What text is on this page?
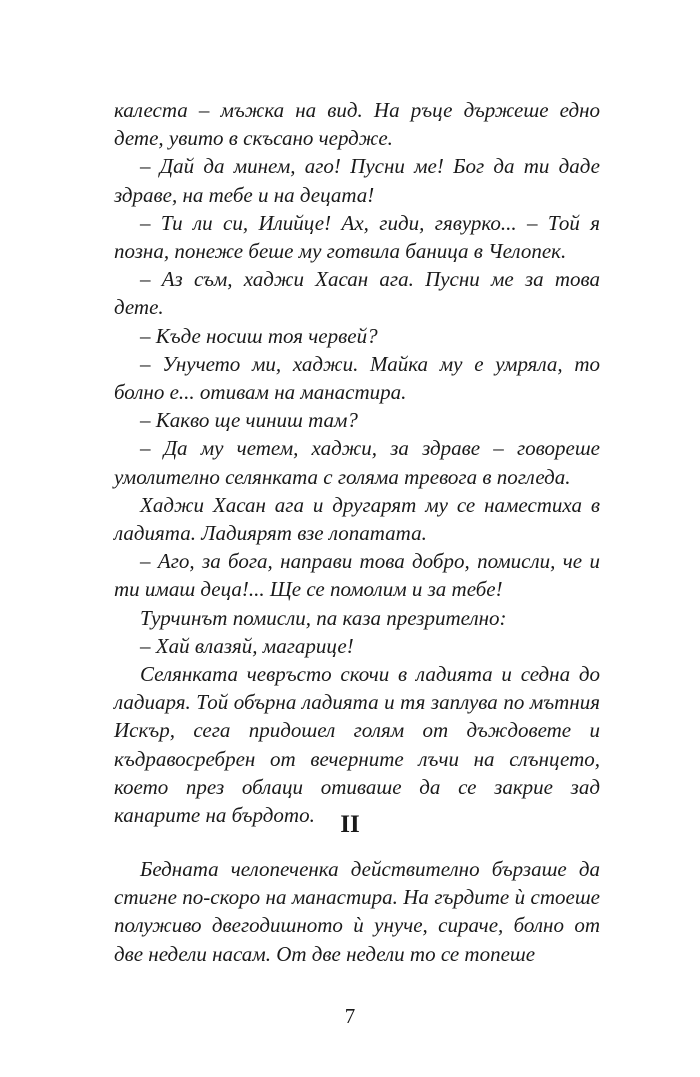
калеста – мъжка на вид. На ръце държеше едно дете, увито в скъсано черджe.

– Дай да минем, аго! Пусни ме! Бог да ти даде здраве, на тебе и на децата!

– Ти ли си, Илийце! Ах, гиди, гявурко... – Той я позна, понеже беше му готвила баница в Челопек.

– Аз съм, хаджи Хасан ага. Пусни ме за това дете.

– Къде носиш тоя червей?

– Унучето ми, хаджи. Майка му е умряла, то болно е... отивам на манастира.

– Какво ще чиниш там?

– Да му четем, хаджи, за здраве – говореше умолително селянката с голяма тревога в погледа.

Хаджи Хасан ага и другарят му се наместиха в ладията. Ладиярят взе лопатата.

– Аго, за бога, направи това добро, помисли, че и ти имаш деца!... Ще се помолим и за тебе!

Турчинът помисли, па каза презрително:

– Хай влазяй, магарице!

Селянката чевръсто скочи в ладията и седна до ладиаря. Той обърна ладията и тя заплува по мътния Искър, сега придошел голям от дъждовете и къдравосребрен от вечерните лъчи на слънцето, което през облаци отиваше да се закрие зад канарите на бърдото.	II

Бедната челопеченка действително бързаше да стигне по-скоро на манастира. На гърдите ѝ стоеше полуживо двегодишното ѝ унуче, сираче, болно от две недели насам. От две недели то се топеше

7
